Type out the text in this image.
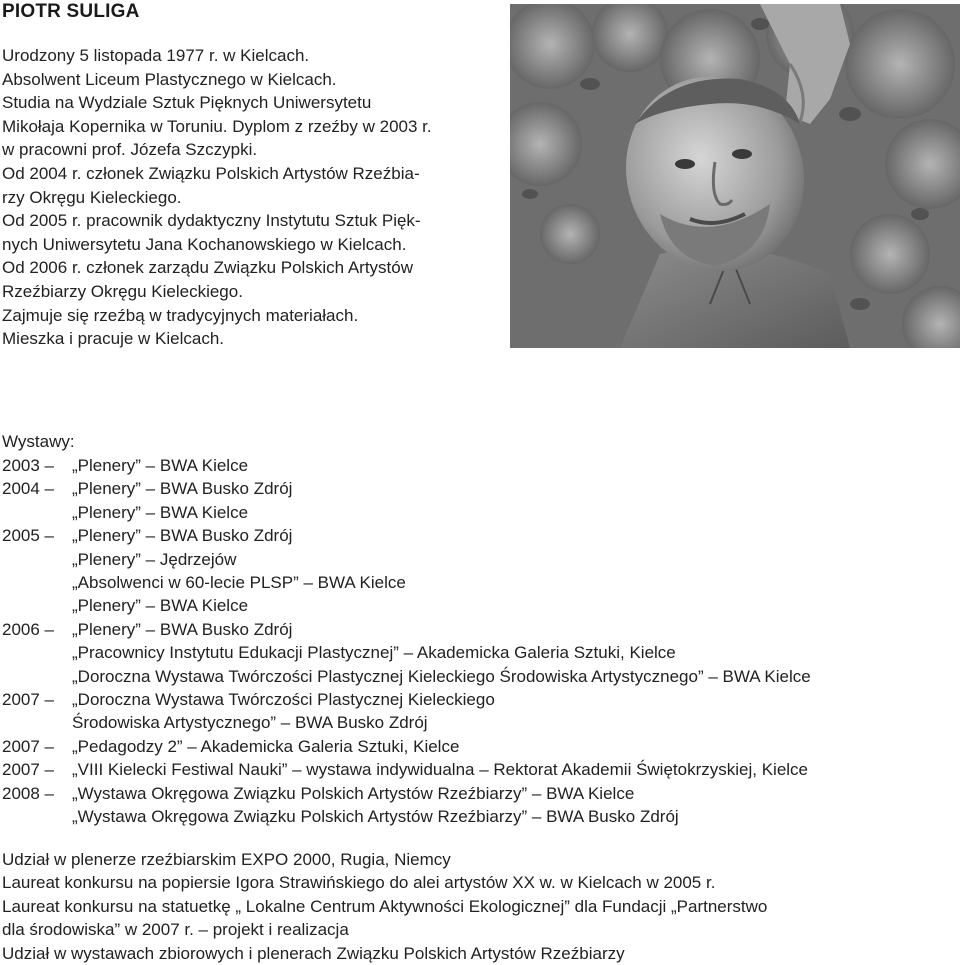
PIOTR SULIGA
Urodzony 5 listopada 1977 r. w Kielcach.
Absolwent Liceum Plastycznego w Kielcach.
Studia na Wydziale Sztuk Pięknych Uniwersytetu
Mikołaja Kopernika w Toruniu. Dyplom z rzeźby w 2003 r.
w pracowni prof. Józefa Szczypki.
Od 2004 r. członek Związku Polskich Artystów Rzeźbia-
rzy Okręgu Kieleckiego.
Od 2005 r. pracownik dydaktyczny Instytutu Sztuk Pięk-
nych Uniwersytetu Jana Kochanowskiego w Kielcach.
Od 2006 r. członek zarządu Związku Polskich Artystów
Rzeźbiarzy Okręgu Kieleckiego.
Zajmuje się rzeźbą w tradycyjnych materiałach.
Mieszka i pracuje w Kielcach.
Wystawy:
2003 –	„Plenery” – BWA Kielce
2004 –	„Plenery” – BWA Busko Zdrój
„Plenery” – BWA Kielce
2005 –	„Plenery” – BWA Busko Zdrój
„Plenery” – Jędrzejów
„Absolwenci w 60-lecie PLSP” – BWA Kielce
„Plenery” – BWA Kielce
2006 –	„Plenery” – BWA Busko Zdrój
„Pracownicy Instytutu Edukacji Plastycznej” – Akademicka Galeria Sztuki, Kielce
„Doroczna Wystawa Twórczości Plastycznej Kieleckiego Środowiska Artystycznego” – BWA Kielce
2007 –	„Doroczna Wystawa Twórczości Plastycznej Kieleckiego
Środowiska Artystycznego” – BWA Busko Zdrój
2007 –	„Pedagodzy 2” – Akademicka Galeria Sztuki, Kielce
2007 –	„VIII Kielecki Festiwal Nauki” – wystawa indywidualna – Rektorat Akademii Świętokrzyskiej, Kielce
2008 –	„Wystawa Okręgowa Związku Polskich Artystów Rzeźbiarzy” – BWA Kielce
„Wystawa Okręgowa Związku Polskich Artystów Rzeźbiarzy” – BWA Busko Zdrój
Udział w plenerze rzeźbiarskim EXPO 2000, Rugia, Niemcy
Laureat konkursu na popiersie Igora Strawińskiego do alei artystów XX w. w Kielcach w 2005 r.
Laureat konkursu na statuetkę „ Lokalne Centrum Aktywności Ekologicznej” dla Fundacji „Partnerstwo
dla środowiska” w 2007 r. – projekt i realizacja
Udział w wystawach zbiorowych i plenerach Związku Polskich Artystów Rzeźbiarzy
